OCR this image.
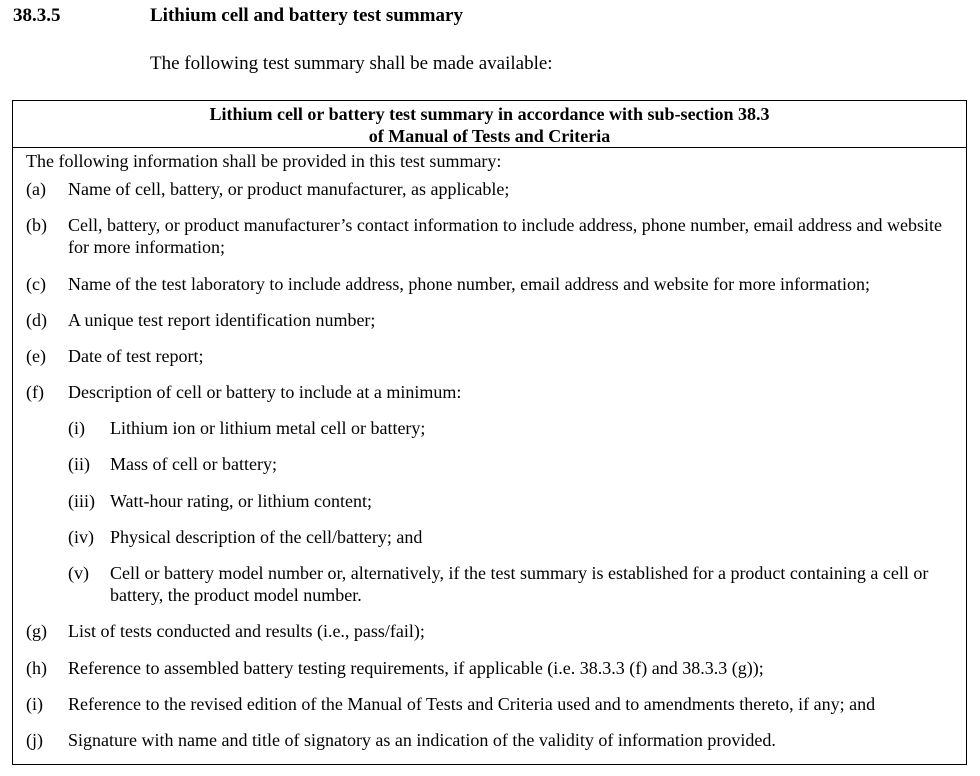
38.3.5	Lithium cell and battery test summary
The following test summary shall be made available:
Lithium cell or battery test summary in accordance with sub-section 38.3
of Manual of Tests and Criteria
The following information shall be provided in this test summary:
(a) Name of cell, battery, or product manufacturer, as applicable;
(b) Cell, battery, or product manufacturer’s contact information to include address, phone number, email address and website for more information;
(c) Name of the test laboratory to include address, phone number, email address and website for more information;
(d) A unique test report identification number;
(e) Date of test report;
(f) Description of cell or battery to include at a minimum:
(i) Lithium ion or lithium metal cell or battery;
(ii) Mass of cell or battery;
(iii) Watt-hour rating, or lithium content;
(iv) Physical description of the cell/battery; and
(v) Cell or battery model number or, alternatively, if the test summary is established for a product containing a cell or battery, the product model number.
(g) List of tests conducted and results (i.e., pass/fail);
(h) Reference to assembled battery testing requirements, if applicable (i.e. 38.3.3 (f) and 38.3.3 (g));
(i) Reference to the revised edition of the Manual of Tests and Criteria used and to amendments thereto, if any; and
(j) Signature with name and title of signatory as an indication of the validity of information provided.
